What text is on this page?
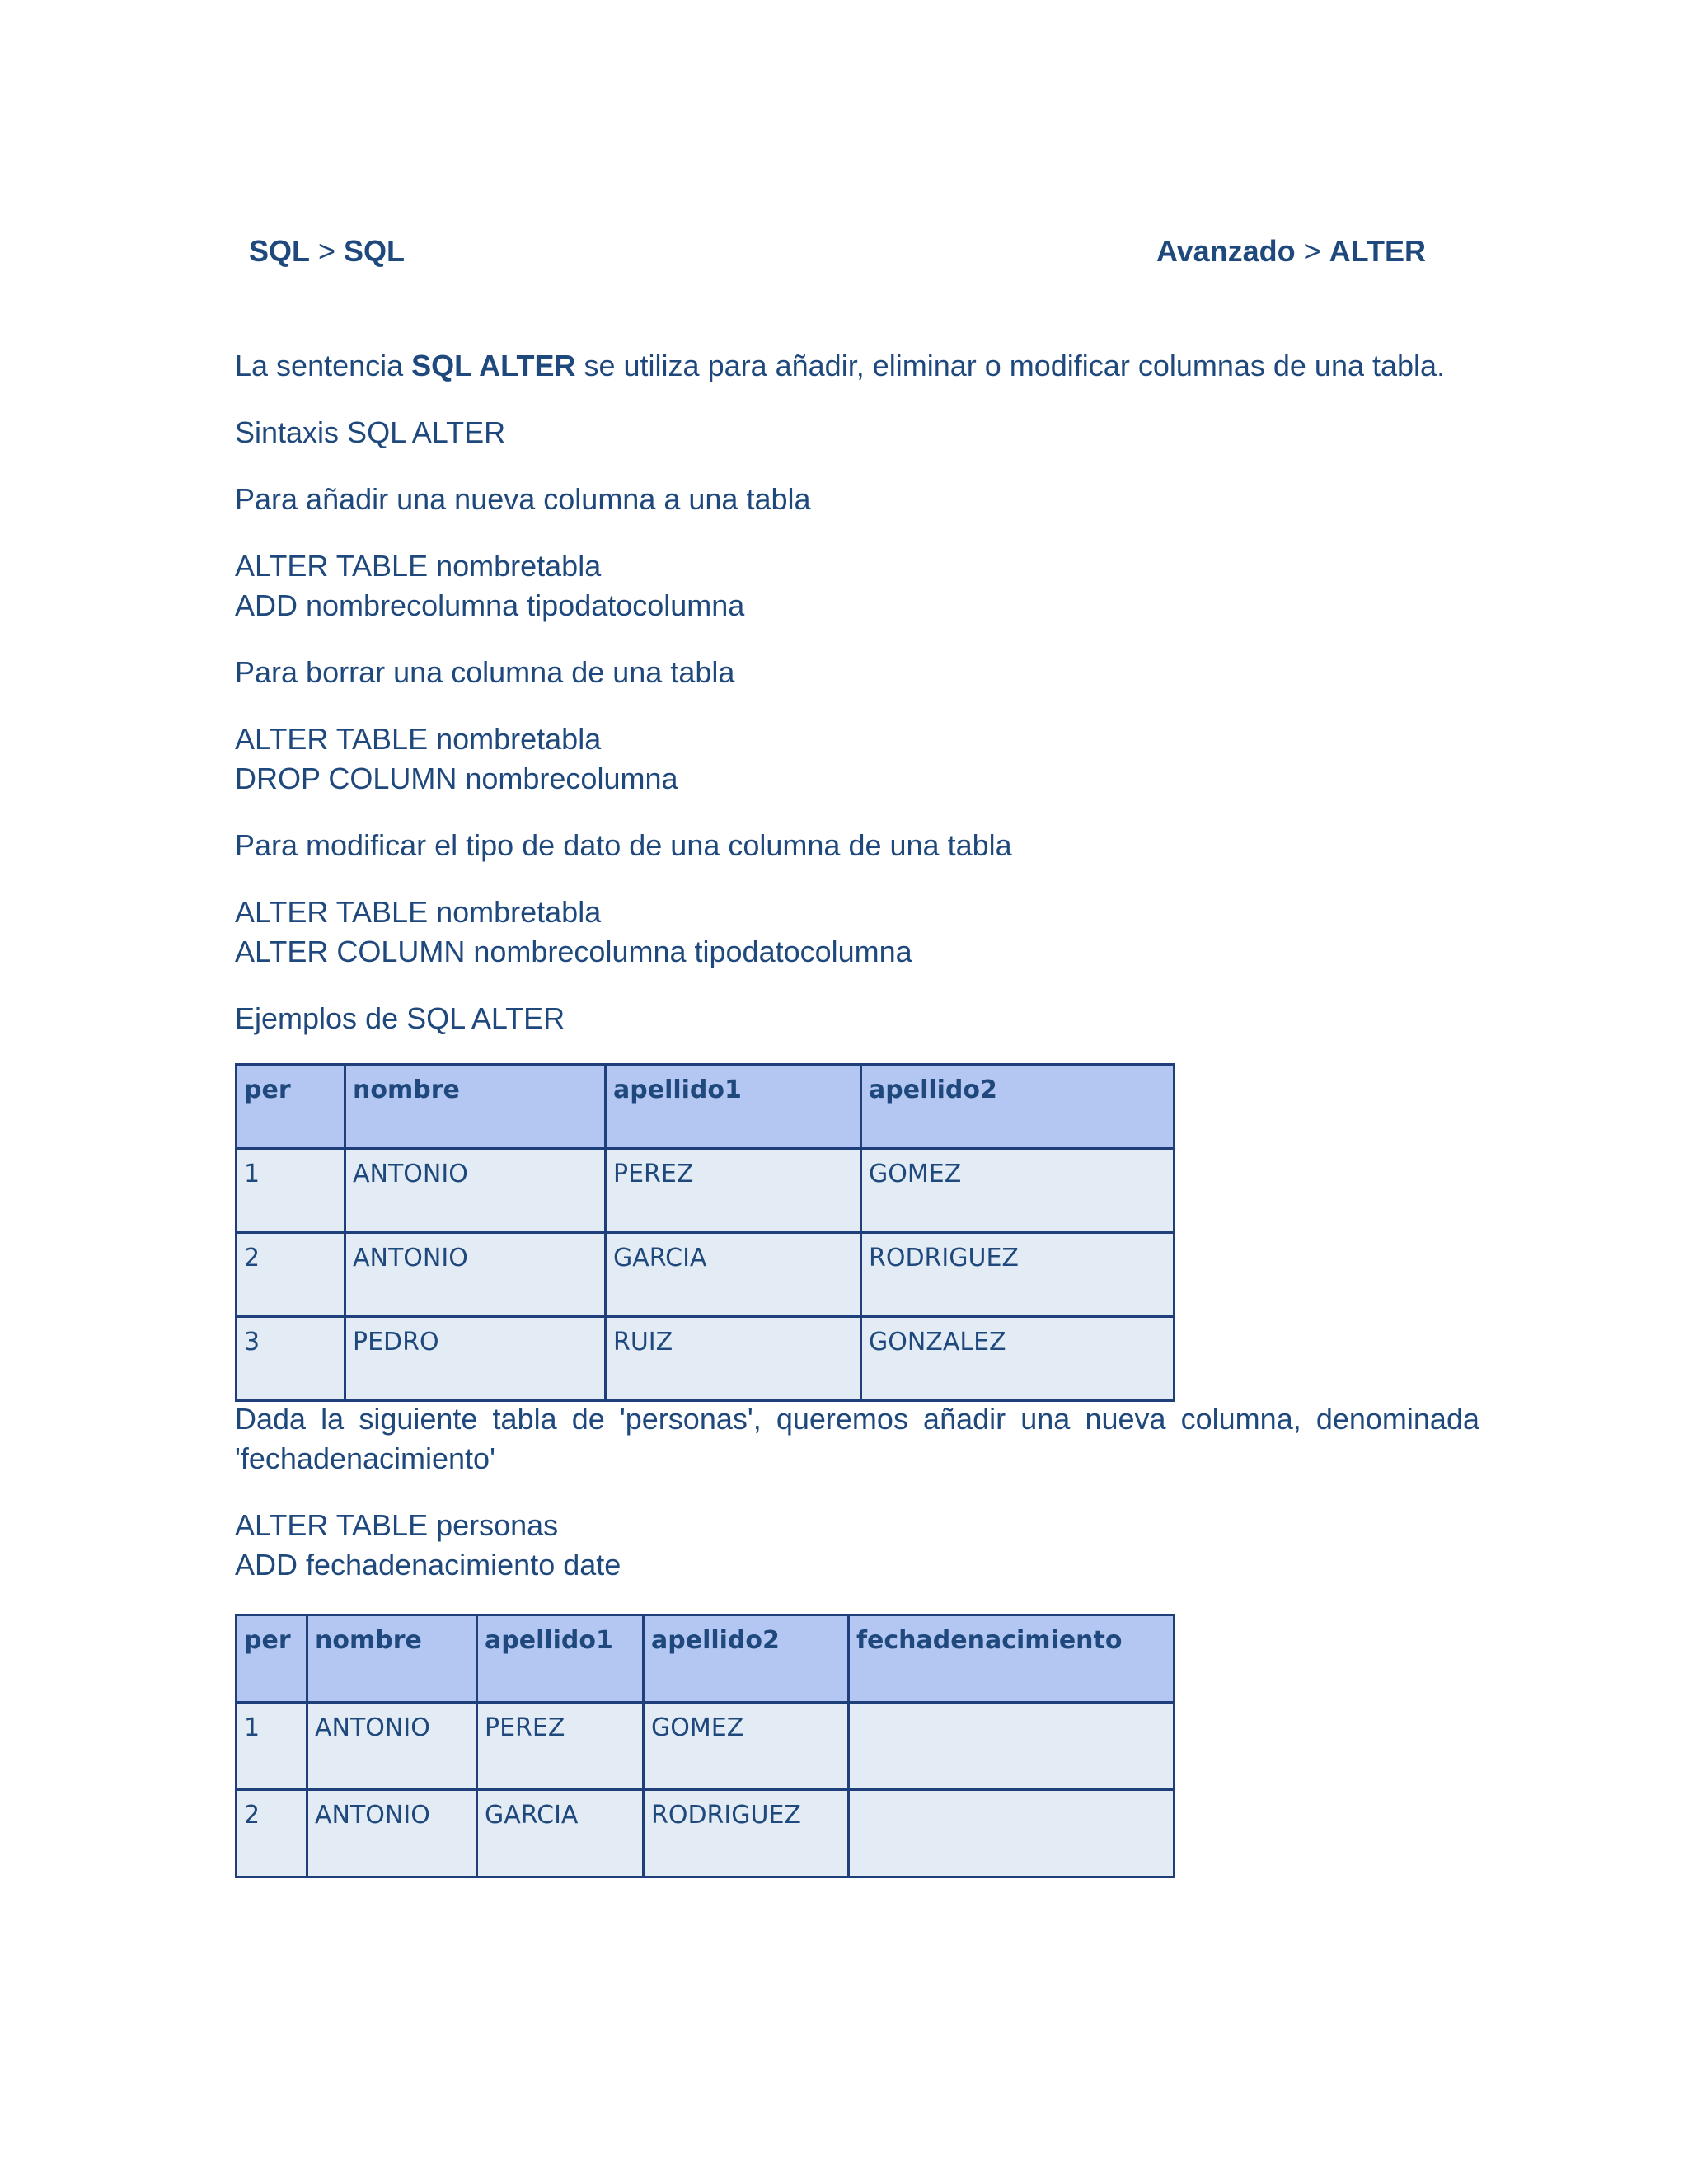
SQL > SQL	Avanzado > ALTER

La sentencia SQL ALTER se utiliza para añadir, eliminar o modificar columnas de una tabla.

Sintaxis SQL ALTER

Para añadir una nueva columna a una tabla

ALTER TABLE nombretabla
ADD nombrecolumna tipodatocolumna

Para borrar una columna de una tabla

ALTER TABLE nombretabla
DROP COLUMN nombrecolumna

Para modificar el tipo de dato de una columna de una tabla

ALTER TABLE nombretabla
ALTER COLUMN nombrecolumna tipodatocolumna

Ejemplos de SQL ALTER

per	nombre	apellido1	apellido2
1	ANTONIO	PEREZ	GOMEZ
2	ANTONIO	GARCIA	RODRIGUEZ
3	PEDRO	RUIZ	GONZALEZ

Dada la siguiente tabla de 'personas', queremos añadir una nueva columna, denominada 'fechadenacimiento'

ALTER TABLE personas
ADD fechadenacimiento date
per	nombre	apellido1	apellido2	fechadenacimiento
1	ANTONIO	PEREZ	GOMEZ	
2	ANTONIO	GARCIA	RODRIGUEZ	
